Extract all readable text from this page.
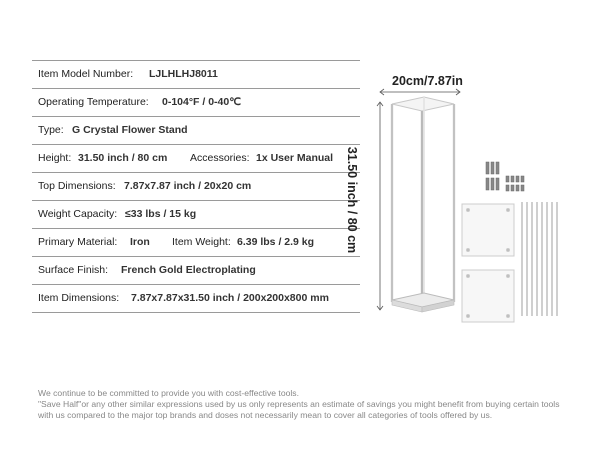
Item Model Number: LJLHLHJ8011
Operating Temperature: 0-104°F / 0-40℃
Type: G Crystal Flower Stand
Height: 31.50 inch / 80 cm Accessories: 1x User Manual
Top Dimensions: 7.87x7.87 inch / 20x20 cm
Weight Capacity: ≤33 lbs / 15 kg
Primary Material: Iron Item Weight: 6.39 lbs / 2.9 kg
Surface Finish: French Gold Electroplating
Item Dimensions: 7.87x7.87x31.50 inch / 200x200x800 mm
20cm/7.87in
31.50 inch / 80 cm

We continue to be committed to provide you with cost-effective tools.

"Save Half"or any other similar expressions used by us only represents an estimate of savings you might benefit from buying certain tools with us compared to the major top brands and doses not necessarily mean to cover all categories of tools offered by us.
